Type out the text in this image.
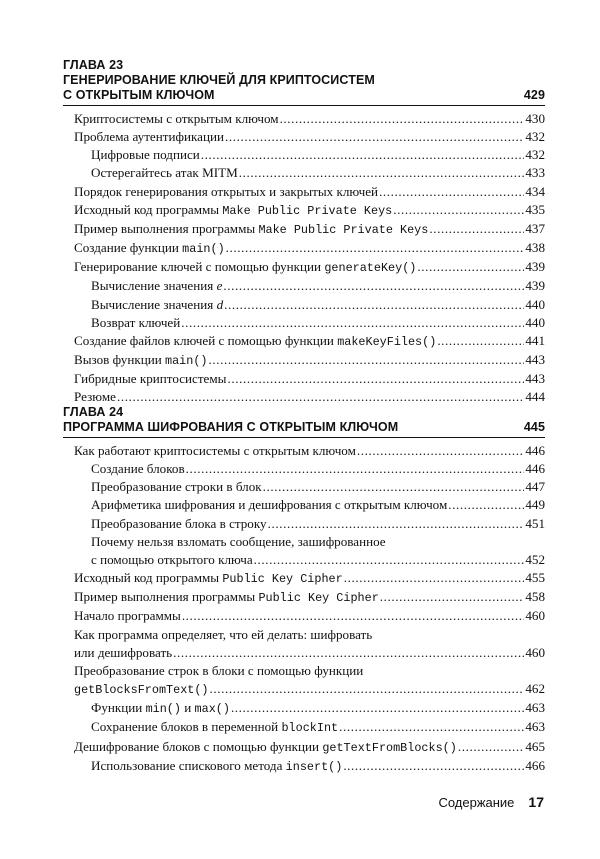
ГЛАВА 23
ГЕНЕРИРОВАНИЕ КЛЮЧЕЙ ДЛЯ КРИПТОСИСТЕМ
С ОТКРЫТЫМ КЛЮЧОМ	429
Криптосистемы с открытым ключом .....	430
Проблема аутентификации .....	432
Цифровые подписи .....	432
Остерегайтесь атак MITM .....	433
Порядок генерирования открытых и закрытых ключей .....	434
Исходный код программы Make Public Private Keys .....	435
Пример выполнения программы Make Public Private Keys .....	437
Создание функции main() .....	438
Генерирование ключей с помощью функции generateKey() .....	439
Вычисление значения e .....	439
Вычисление значения d .....	440
Возврат ключей .....	440
Создание файлов ключей с помощью функции makeKeyFiles() .....	441
Вызов функции main() .....	443
Гибридные криптосистемы .....	443
Резюме .....	444
ГЛАВА 24
ПРОГРАММА ШИФРОВАНИЯ С ОТКРЫТЫМ КЛЮЧОМ	445
Как работают криптосистемы с открытым ключом .....	446
Создание блоков .....	446
Преобразование строки в блок .....	447
Арифметика шифрования и дешифрования с открытым ключом .....	449
Преобразование блока в строку .....	451
Почему нельзя взломать сообщение, зашифрованное
с помощью открытого ключа .....	452
Исходный код программы Public Key Cipher .....	455
Пример выполнения программы Public Key Cipher .....	458
Начало программы .....	460
Как программа определяет, что ей делать: шифровать
или дешифровать .....	460
Преобразование строк в блоки с помощью функции
getBlocksFromText() .....	462
Функции min() и max() .....	463
Сохранение блоков в переменной blockInt .....	463
Дешифрование блоков с помощью функции getTextFromBlocks() .....	465
Использование спискового метода insert() .....	466
Содержание 17
